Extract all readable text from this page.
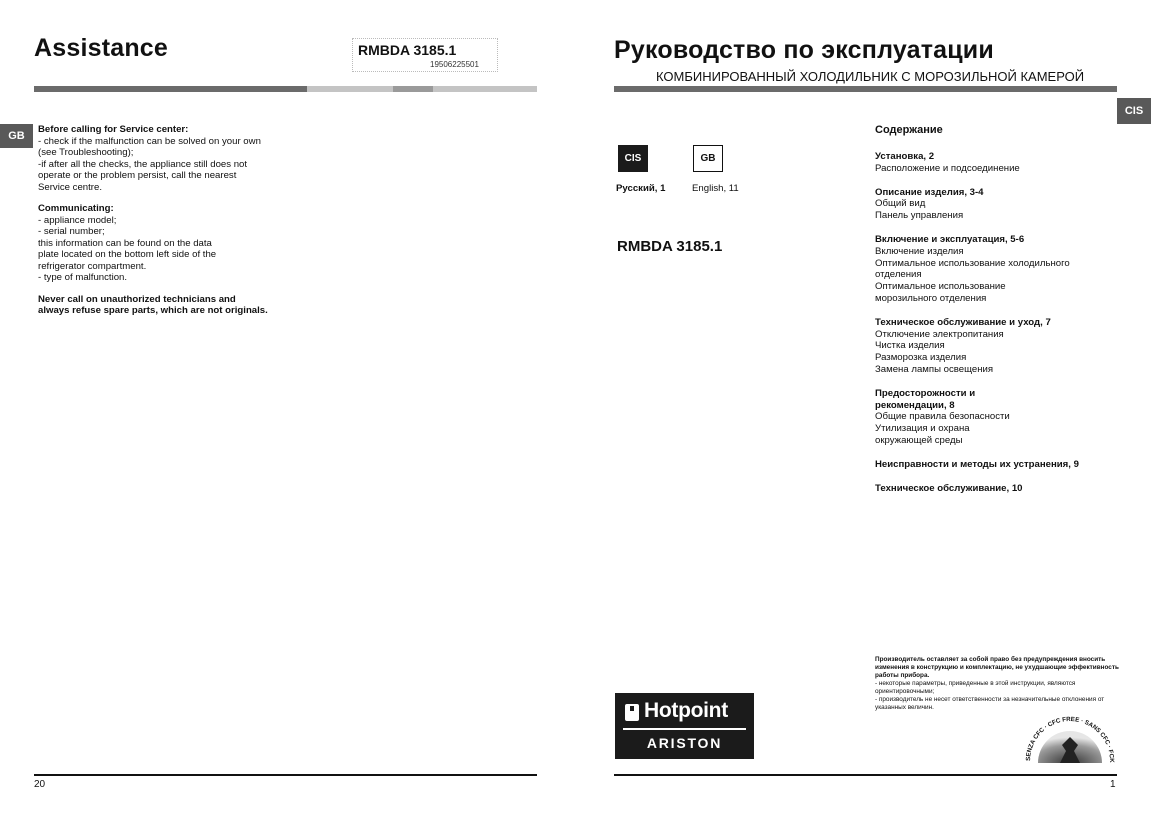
Assistance	RMBDA 3185.1
19506225501
GB

Before calling for Service center:
- check if the malfunction can be solved on your own
(see Troubleshooting);
-if after all the checks, the appliance still does not
operate or the problem persist, call the nearest
Service centre.

Communicating:
- appliance model;
- serial number;
this information can be found on the data
plate located on the bottom left side of the
refrigerator compartment.
- type of malfunction.

Never call on unauthorized technicians and
always refuse spare parts, which are not originals.

20
Руководство по эксплуатации
КОМБИНИРОВАННЫЙ ХОЛОДИЛЬНИК С МОРОЗИЛЬНОЙ КАМЕРОЙ
CIS
CIS	GB
Русский, 1	English, 11
RMBDA 3185.1
Содержание
Установка, 2
Расположение и подсоединение
Описание изделия, 3-4
Общий вид
Панель управления
Включение и эксплуатация, 5-6
Включение изделия
Оптимальное использование холодильного
отделения
Оптимальное использование
морозильного отделения
Техническое обслуживание и уход, 7
Отключение электропитания
Чистка изделия
Разморозка изделия
Замена лампы освещения
Предосторожности и
рекомендации, 8
Общие правила безопасности
Утилизация и охрана
окружающей среды
Неисправности и методы их устранения, 9
Техническое обслуживание, 10
Производитель оставляет за собой право без предупреждения вносить изменения в конструкцию и комплектацию, не ухудшающие эффективность работы прибора.
- некоторые параметры, приведенные в этой инструкции, являются ориентировочными;
- производитель не несет ответственности за незначительные отклонения от указанных величин.
Hotpoint
ARISTON
SENZA CFC · CFC FREE · SANS CFC · FCK
1
